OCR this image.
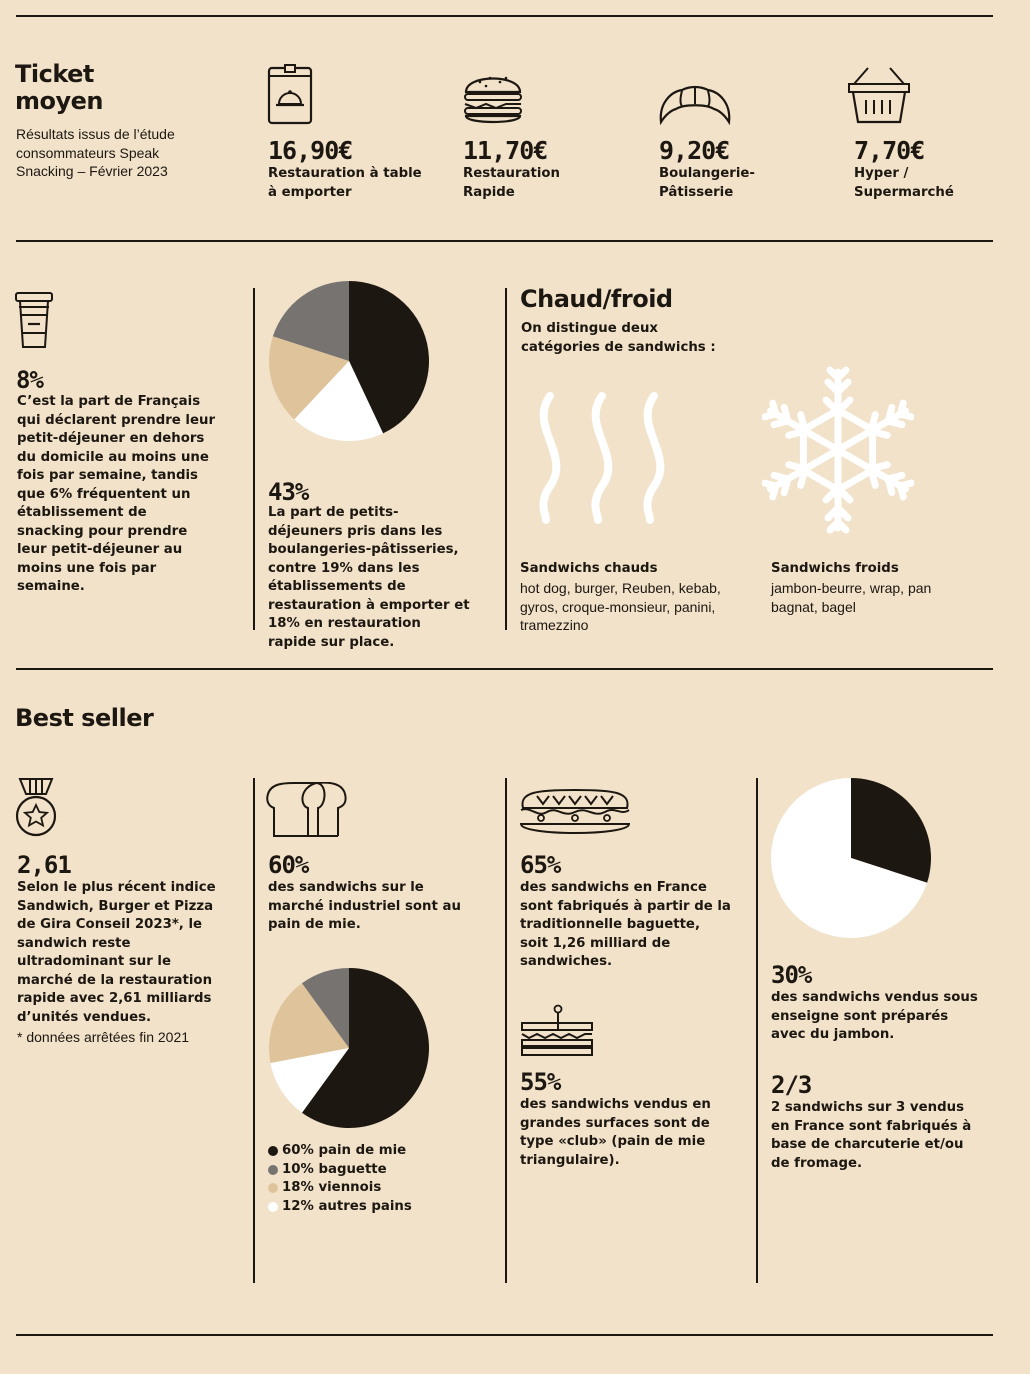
Ticket moyen
Résultats issus de l’étude consommateurs Speak Snacking – Février 2023
16,90€
Restauration à table à emporter
11,70€
Restauration Rapide
9,20€
Boulangerie-Pâtisserie
7,70€
Hyper / Supermarché
8%
C’est la part de Français qui déclarent prendre leur petit-déjeuner en dehors du domicile au moins une fois par semaine, tandis que 6% fréquentent un établissement de snacking pour prendre leur petit-déjeuner au moins une fois par semaine.
43%
La part de petits-déjeuners pris dans les boulangeries-pâtisseries, contre 19% dans les établissements de restauration à emporter et 18% en restauration rapide sur place.
Chaud/froid
On distingue deux catégories de sandwichs :
Sandwichs chauds
hot dog, burger, Reuben, kebab, gyros, croque-monsieur, panini, tramezzino
Sandwichs froids
jambon-beurre, wrap, pan bagnat, bagel
Best seller
2,61
Selon le plus récent indice Sandwich, Burger et Pizza de Gira Conseil 2023*, le sandwich reste ultradominant sur le marché de la restauration rapide avec 2,61 milliards d’unités vendues.
* données arrêtées fin 2021
60%
des sandwichs sur le marché industriel sont au pain de mie.
60% pain de mie
10% baguette
18% viennois
12% autres pains
65%
des sandwichs en France sont fabriqués à partir de la traditionnelle baguette, soit 1,26 milliard de sandwiches.
55%
des sandwichs vendus en grandes surfaces sont de type «club» (pain de mie triangulaire).
30%
des sandwichs vendus sous enseigne sont préparés avec du jambon.
2/3
2 sandwichs sur 3 vendus en France sont fabriqués à base de charcuterie et/ou de fromage.
